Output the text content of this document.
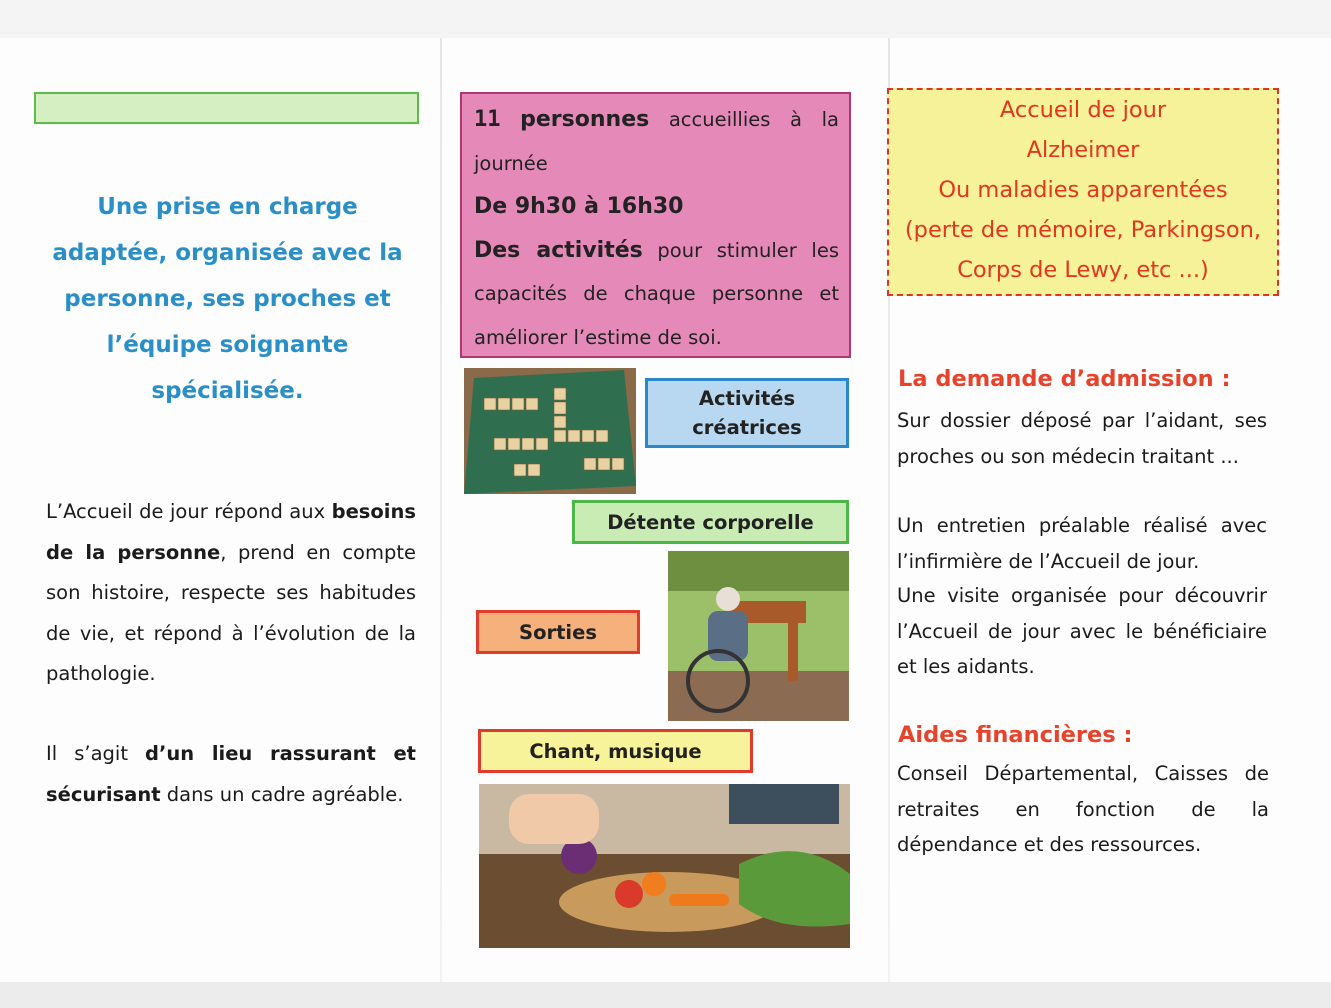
Une prise en charge adaptée, organisée avec la personne, ses proches et l’équipe soignante spécialisée.
L’Accueil de jour répond aux besoins de la personne, prend en compte son histoire, respecte ses habitudes de vie, et répond à l’évolution de la pathologie.
Il s’agit d’un lieu rassurant et sécurisant dans un cadre agréable.
11 personnes accueillies à la journée
De 9h30 à 16h30
Des activités pour stimuler les capacités de chaque personne et améliorer l’estime de soi.
Activités créatrices
Détente corporelle
Sorties
Chant, musique
Accueil de jour
Alzheimer
Ou maladies apparentées
(perte de mémoire, Parkingson,
Corps de Lewy, etc ...)
La demande d’admission :
Sur dossier déposé par l’aidant, ses proches ou son médecin traitant ...
Un entretien préalable réalisé avec l’infirmière de l’Accueil de jour.
Une visite organisée pour découvrir l’Accueil de jour avec le bénéficiaire et les aidants.
Aides financières :
Conseil Départemental, Caisses de retraites en fonction de la dépendance et des ressources.
